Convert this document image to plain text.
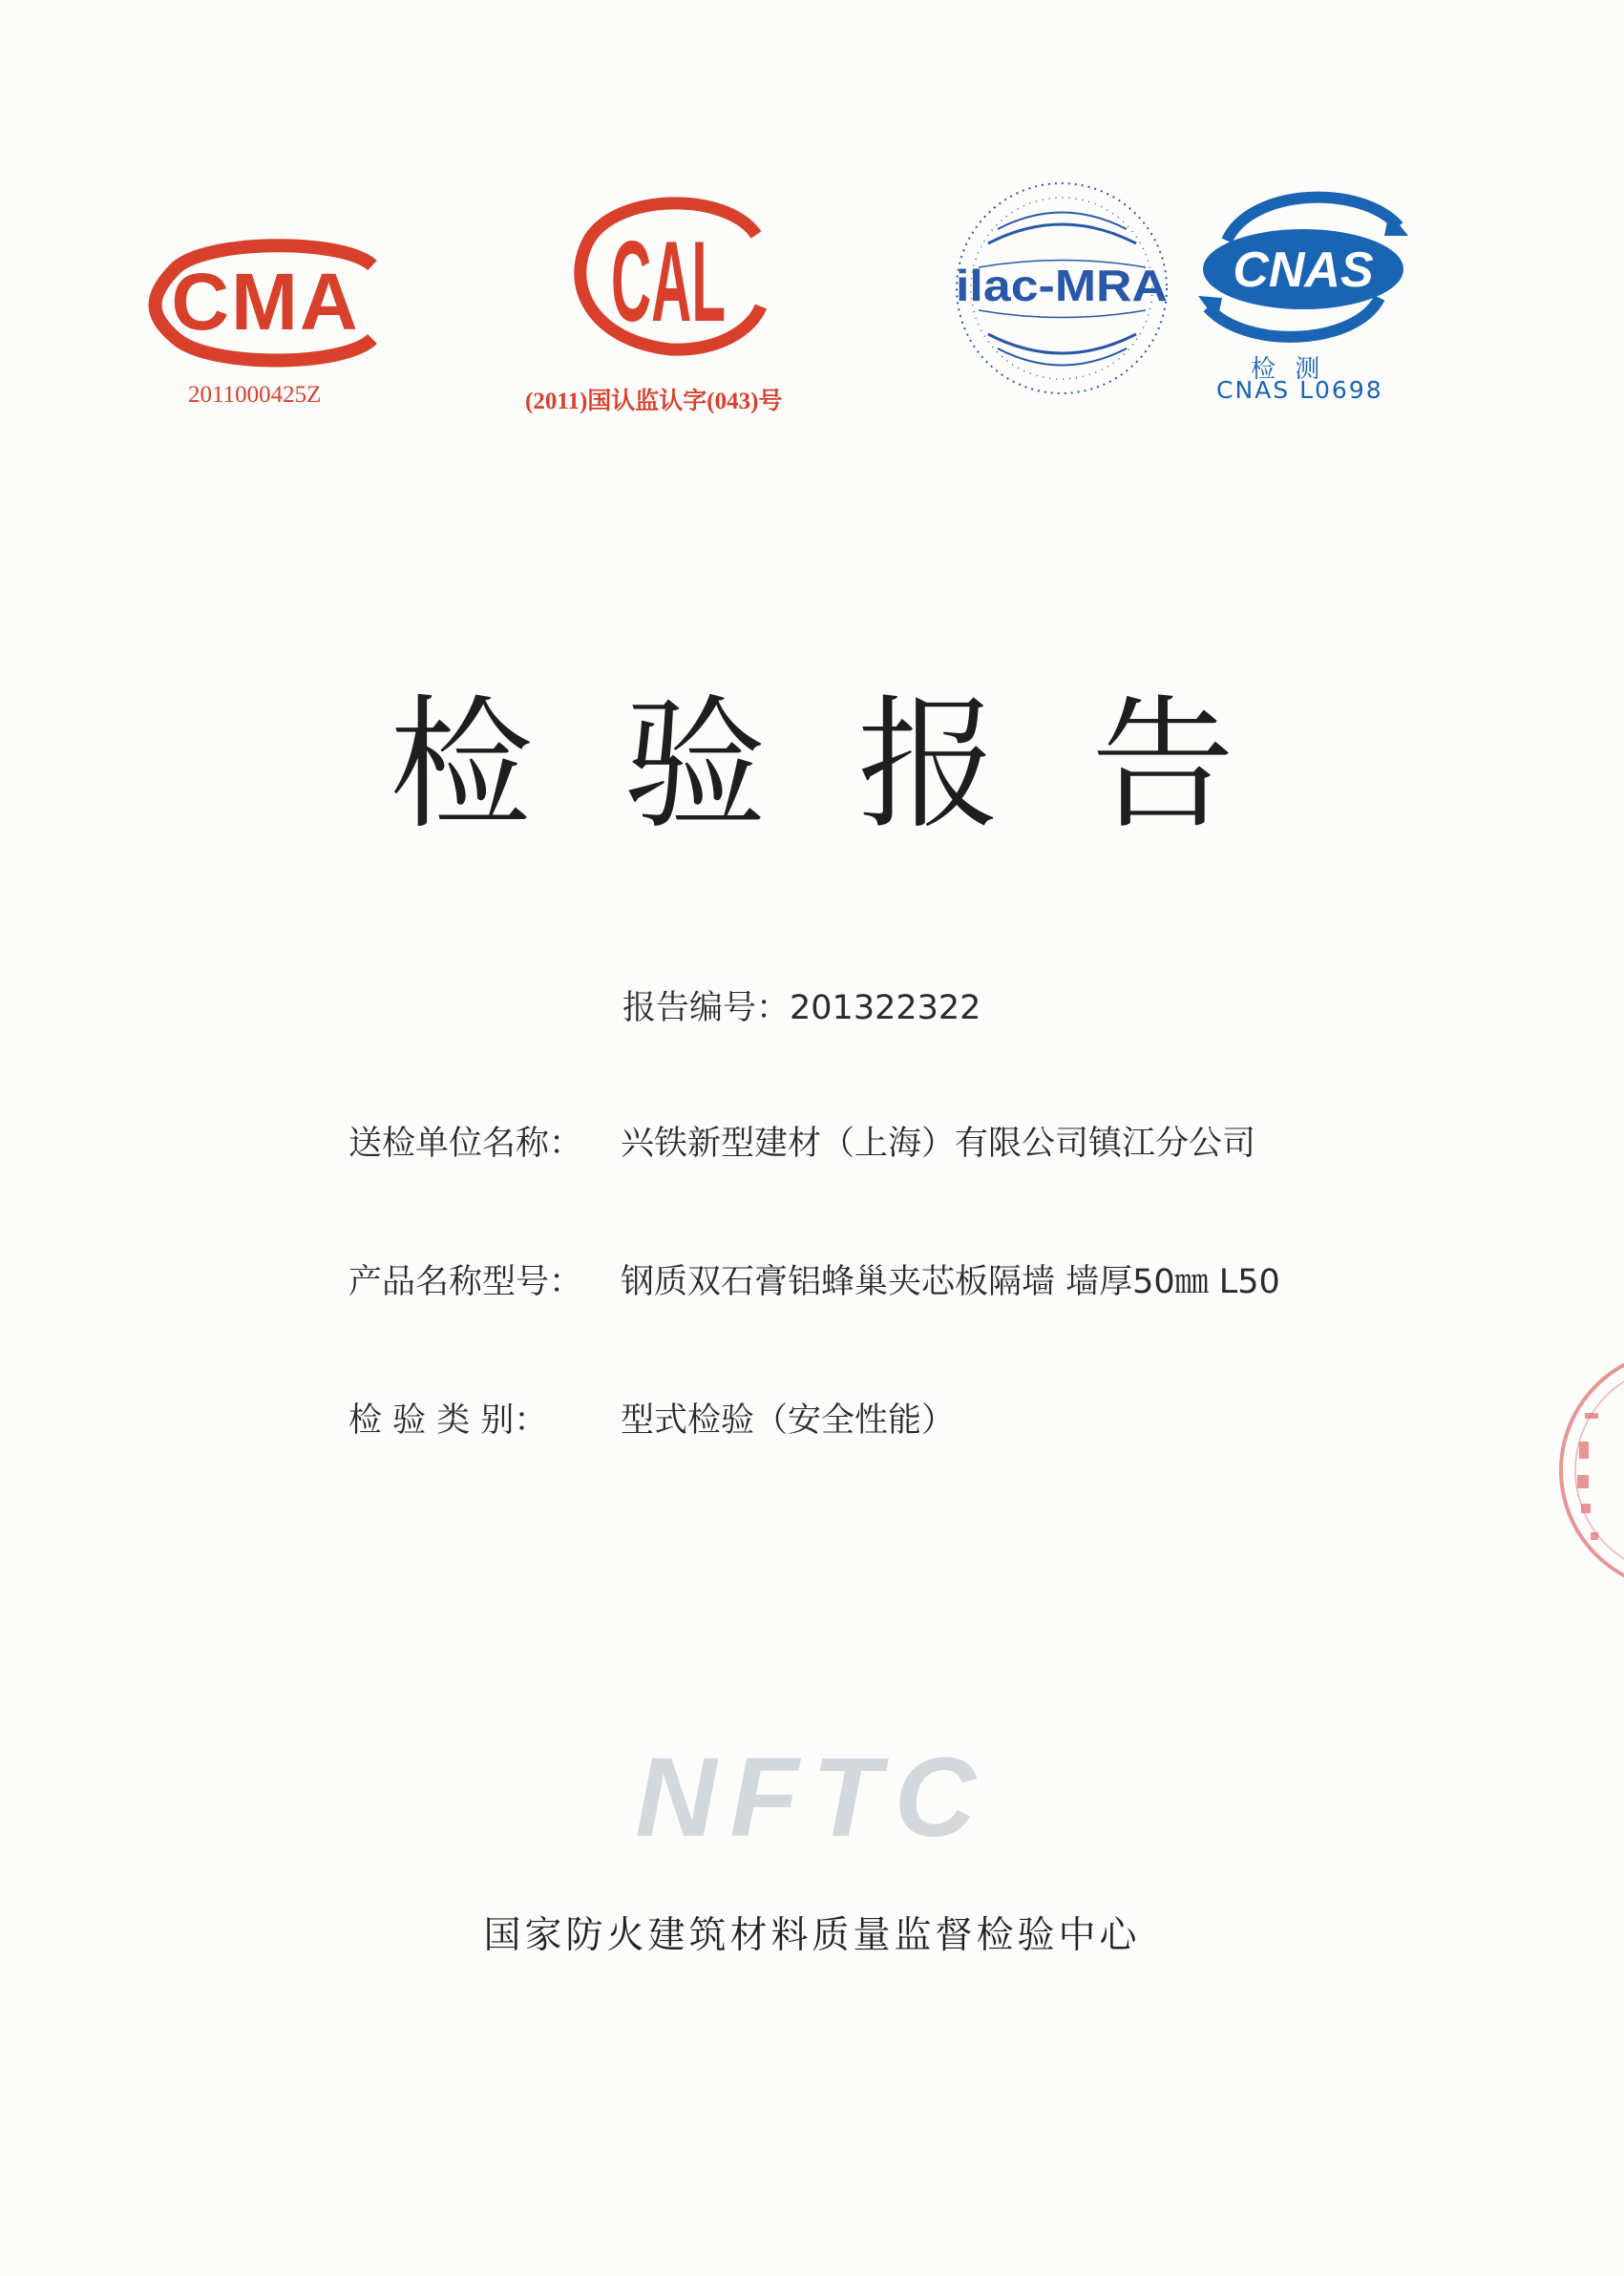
CMA
2011000425Z
CAL
(2011)国认监认字(043)号
ilac-MRA CNAS
检 测
CNAS L0698
检验报告
报告编号：201322322
送检单位名称： 兴铁新型建材（上海）有限公司镇江分公司
产品名称型号： 钢质双石膏铝蜂巢夹芯板隔墙 墙厚50㎜ L50
检 验 类 别： 型式检验（安全性能）
NFTC
国家防火建筑材料质量监督检验中心
